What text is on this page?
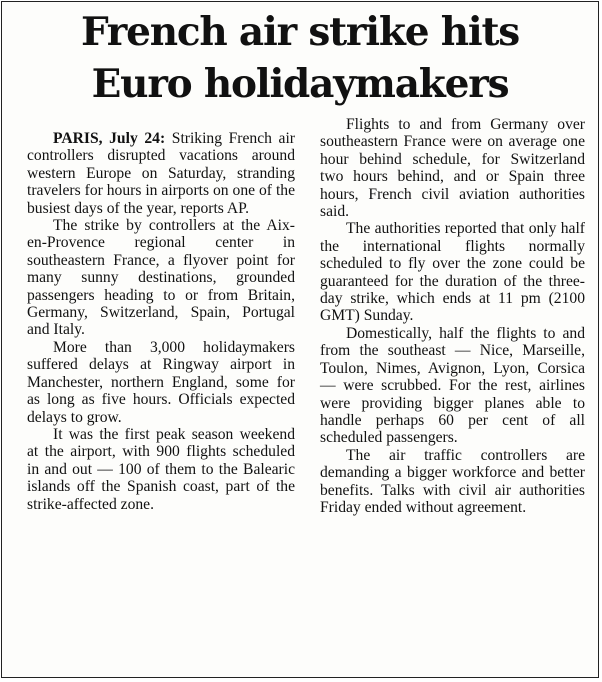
French air strike hits
Euro holidaymakers

PARIS, July 24: Striking French air controllers disrupted vacations around western Europe on Saturday, stranding travelers for hours in airports on one of the busiest days of the year, reports AP.

The strike by controllers at the Aix-en-Provence regional center in southeastern France, a flyover point for many sunny destinations, grounded passengers heading to or from Britain, Germany, Switzerland, Spain, Portugal and Italy.

More than 3,000 holidaymakers suffered delays at Ringway airport in Manchester, northern England, some for as long as five hours. Officials expected delays to grow.

It was the first peak season weekend at the airport, with 900 flights scheduled in and out — 100 of them to the Balearic islands off the Spanish coast, part of the strike-affected zone.

Flights to and from Germany over southeastern France were on average one hour behind schedule, for Switzerland two hours behind, and or Spain three hours, French civil aviation authorities said.

The authorities reported that only half the international flights normally scheduled to fly over the zone could be guaranteed for the duration of the three-day strike, which ends at 11 pm (2100 GMT) Sunday.

Domestically, half the flights to and from the southeast — Nice, Marseille, Toulon, Nimes, Avignon, Lyon, Corsica — were scrubbed. For the rest, airlines were providing bigger planes able to handle perhaps 60 per cent of all scheduled passengers.

The air traffic controllers are demanding a bigger workforce and better benefits. Talks with civil air authorities Friday ended without agreement.
